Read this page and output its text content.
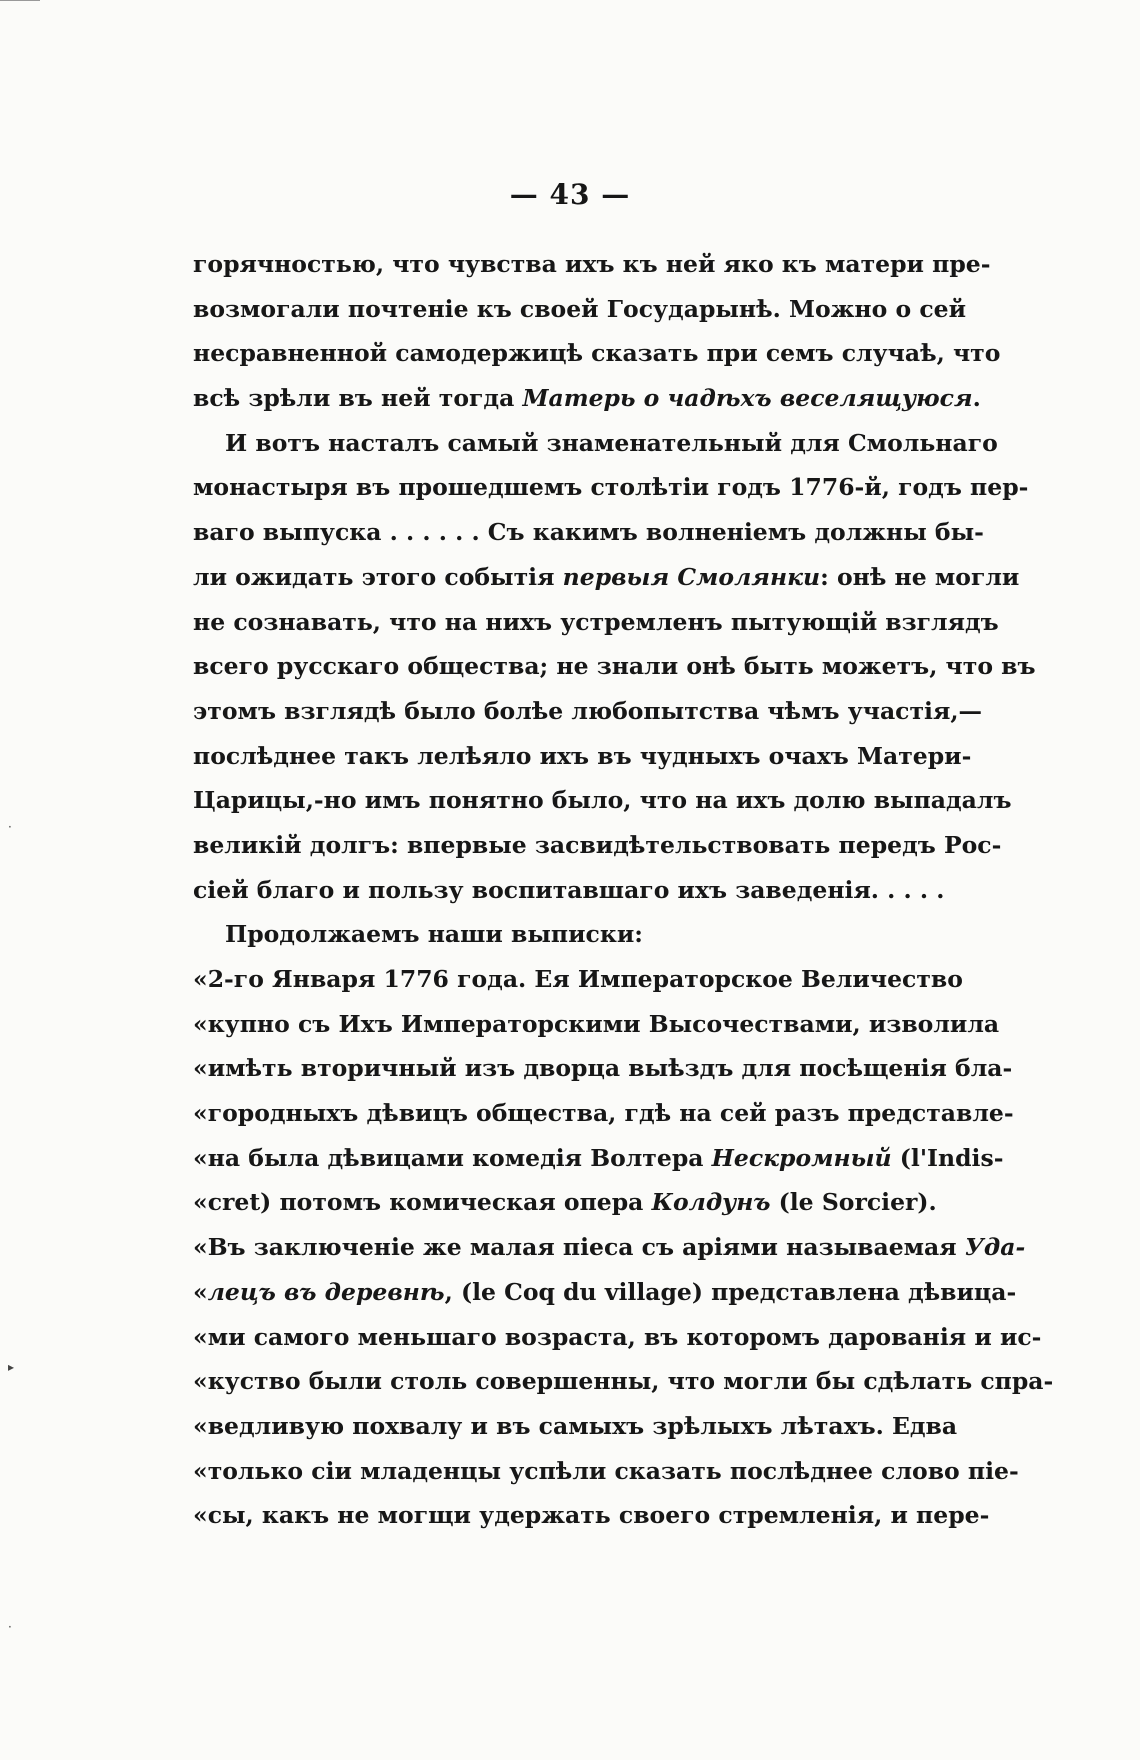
— 43 —
горячностью, что чувства ихъ къ ней яко къ матери пре-
возмогали почтеніе къ своей Государынѣ. Можно о сей
несравненной самодержицѣ сказать при семъ случаѣ, что
всѣ зрѣли въ ней тогда Матерь о чадѣхъ веселящуюся.
И вотъ насталъ самый знаменательный для Смольнаго
монастыря въ прошедшемъ столѣтіи годъ 1776-й, годъ пер-
ваго выпуска . . . . . . Съ какимъ волненіемъ должны бы-
ли ожидать этого событія первыя Смолянки: онѣ не могли
не сознавать, что на нихъ устремленъ пытующій взглядъ
всего русскаго общества; не знали онѣ быть можетъ, что въ
этомъ взглядѣ было болѣе любопытства чѣмъ участія,—
послѣднее такъ лелѣяло ихъ въ чудныхъ очахъ Матери-
Царицы,-но имъ понятно было, что на ихъ долю выпадалъ
великій долгъ: впервые засвидѣтельствовать передъ Рос-
сіей благо и пользу воспитавшаго ихъ заведенія. . . . .
Продолжаемъ наши выписки:
«2-го Января 1776 года. Ея Императорское Величество
«купно съ Ихъ Императорскими Высочествами, изволила
«имѣть вторичный изъ дворца выѣздъ для посѣщенія бла-
«городныхъ дѣвицъ общества, гдѣ на сей разъ представле-
«на была дѣвицами комедія Волтера Нескромный (l'Indis-
«cret) потомъ комическая опера Колдунъ (le Sorcier).
«Въ заключеніе же малая піеса съ аріями называемая Уда-
«лецъ въ деревнѣ, (le Coq du village) представлена дѣвица-
«ми самого меньшаго возраста, въ которомъ дарованія и ис-
«куство были столь совершенны, что могли бы сдѣлать спра-
«ведливую похвалу и въ самыхъ зрѣлыхъ лѣтахъ. Едва
«только сіи младенцы успѣли сказать послѣднее слово піе-
«сы, какъ не могщи удержать своего стремленія, и пере-
▸
·
·
